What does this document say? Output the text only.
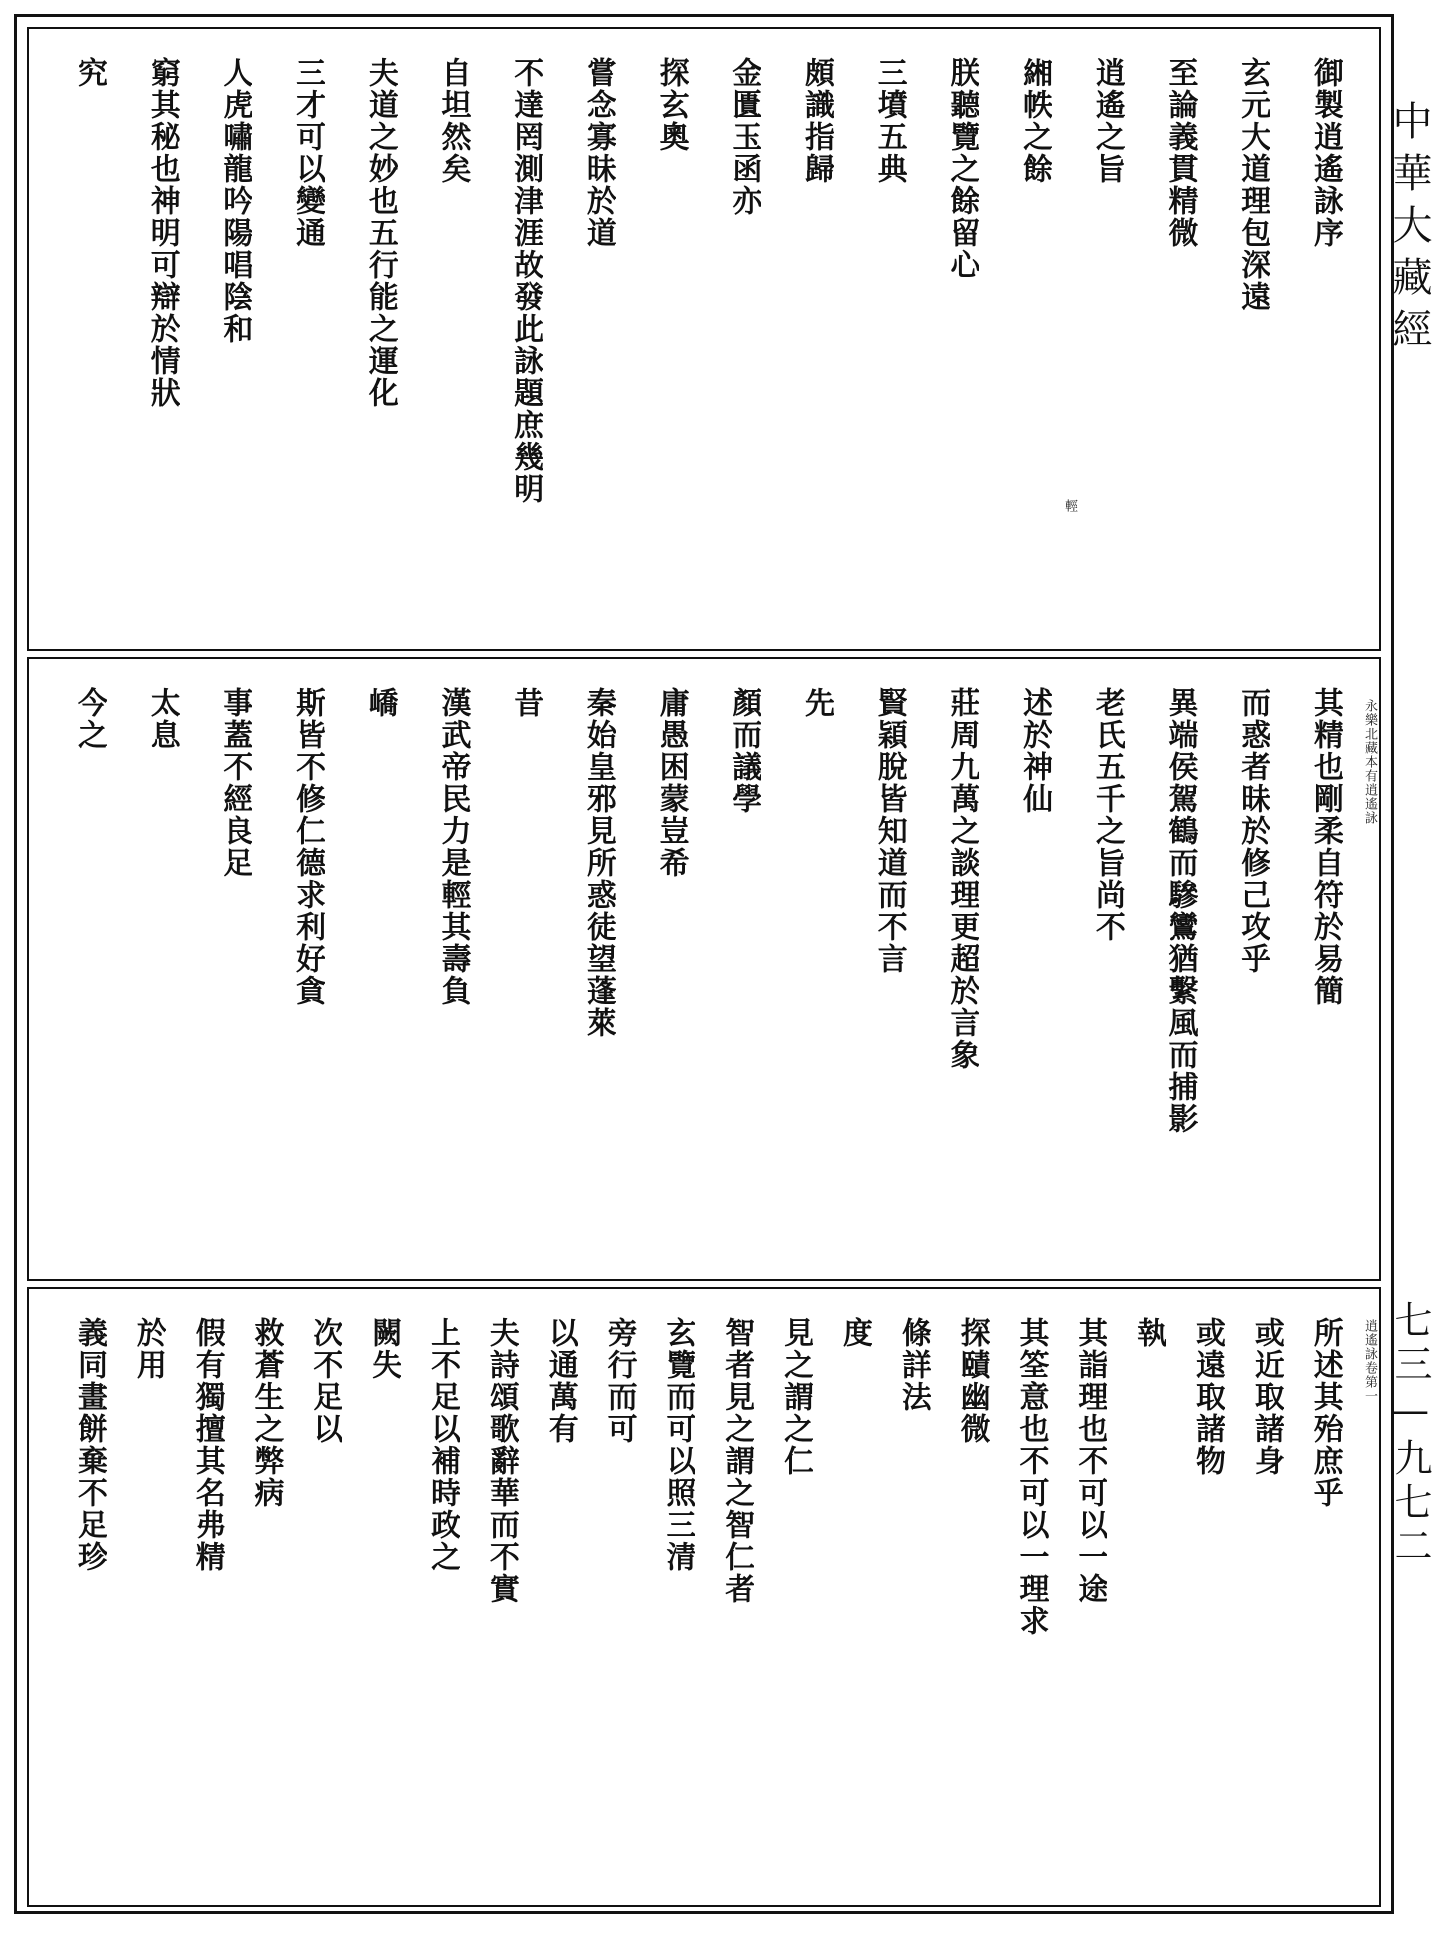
御製逍遙詠序
玄元大道理包深遠
至論義貫精微
逍遙之旨
緗帙之餘
朕聽覽之餘留心
三墳五典
頗識指歸
金匱玉函亦
探玄奧
嘗念寡昧於道
不達罔測津涯故發此詠題庶幾明
自坦然矣
夫道之妙也五行能之運化
三才可以變通
人虎嘯龍吟陽唱陰和
窮其秘也神明可辯於情狀
究
輕
其精也剛柔自符於易簡
而惑者昧於修己攻乎
異端侯駕鶴而驂鸞猶繫風而捕影
老氏五千之旨尚不
述於神仙
莊周九萬之談理更超於言象
賢穎脫皆知道而不言
先
顏而議學
庸愚困蒙豈希
秦始皇邪見所惑徒望蓬萊
昔
漢武帝民力是輕其壽負
嶠
斯皆不修仁德求利好貪
事蓋不經良足
太息
今之	永樂北藏本有逍遙詠
所述其殆庶乎
或近取諸身
或遠取諸物
執
其詣理也不可以一途
其筌意也不可以一理求
探賾幽微
條詳法
度
見之謂之仁
智者見之謂之智仁者
玄覽而可以照三清
旁行而可
以通萬有
夫詩頌歌辭華而不實
上不足以補時政之
闕失
次不足以
救蒼生之弊病
假有獨擅其名弗精
於用
義同畫餅棄不足珍	逍遙詠卷第一
中華大藏經
七三—九七二
